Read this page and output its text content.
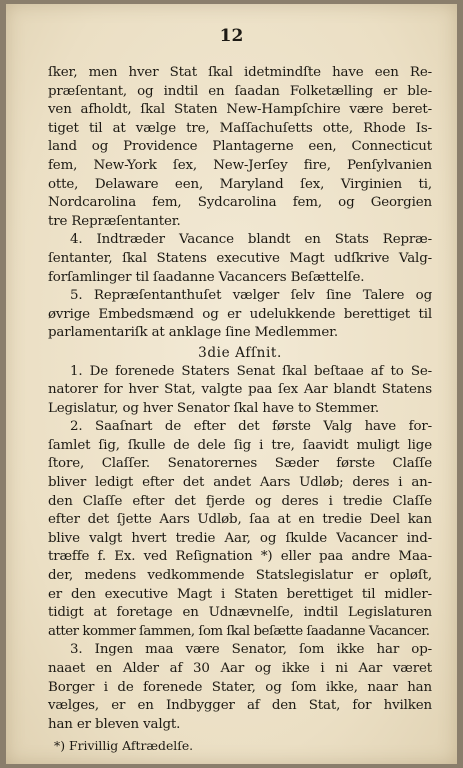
12
ſker, men hver Stat ſkal idetmindſte have een Re-
præſentant, og indtil en ſaadan Folketælling er ble-
ven afholdt, ſkal Staten New-Hampſchire være beret-
tiget til at vælge tre, Maſſachuſetts otte, Rhode Is-
land og Providence Plantagerne een, Connecticut
fem, New-York ſex, New-Jerſey fire, Penſylvanien
otte, Delaware een, Maryland ſex, Virginien ti,
Nordcarolina fem, Sydcarolina fem, og Georgien
tre Repræſentanter.
4. Indtræder Vacance blandt en Stats Repræ-
ſentanter, ſkal Statens executive Magt udſkrive Valg-
forſamlinger til ſaadanne Vacancers Beſættelſe.
5. Repræſentanthuſet vælger ſelv ſine Talere og
øvrige Embedsmænd og er udelukkende berettiget til
parlamentariſk at anklage ſine Medlemmer.
3die Afſnit.
1. De forenede Staters Senat ſkal beſtaae af to Se-
natorer for hver Stat, valgte paa ſex Aar blandt Statens
Legislatur, og hver Senator ſkal have to Stemmer.
2. Saaſnart de efter det første Valg have for-
ſamlet ſig, ſkulle de dele ſig i tre, ſaavidt muligt lige
ſtore, Claſſer. Senatorernes Sæder første Claſſe
bliver ledigt efter det andet Aars Udløb; deres i an-
den Claſſe efter det fjerde og deres i tredie Claſſe
efter det ſjette Aars Udløb, ſaa at en tredie Deel kan
blive valgt hvert tredie Aar, og ſkulde Vacancer ind-
træffe f. Ex. ved Reſignation *) eller paa andre Maa-
der, medens vedkommende Statslegislatur er opløſt,
er den executive Magt i Staten berettiget til midler-
tidigt at foretage en Udnævnelſe, indtil Legislaturen
atter kommer ſammen, ſom ſkal beſætte ſaadanne Vacancer.
3. Ingen maa være Senator, ſom ikke har op-
naaet en Alder af 30 Aar og ikke i ni Aar været
Borger i de forenede Stater, og ſom ikke, naar han
vælges, er en Indbygger af den Stat, for hvilken
han er bleven valgt.
*) Frivillig Aftrædelſe.
